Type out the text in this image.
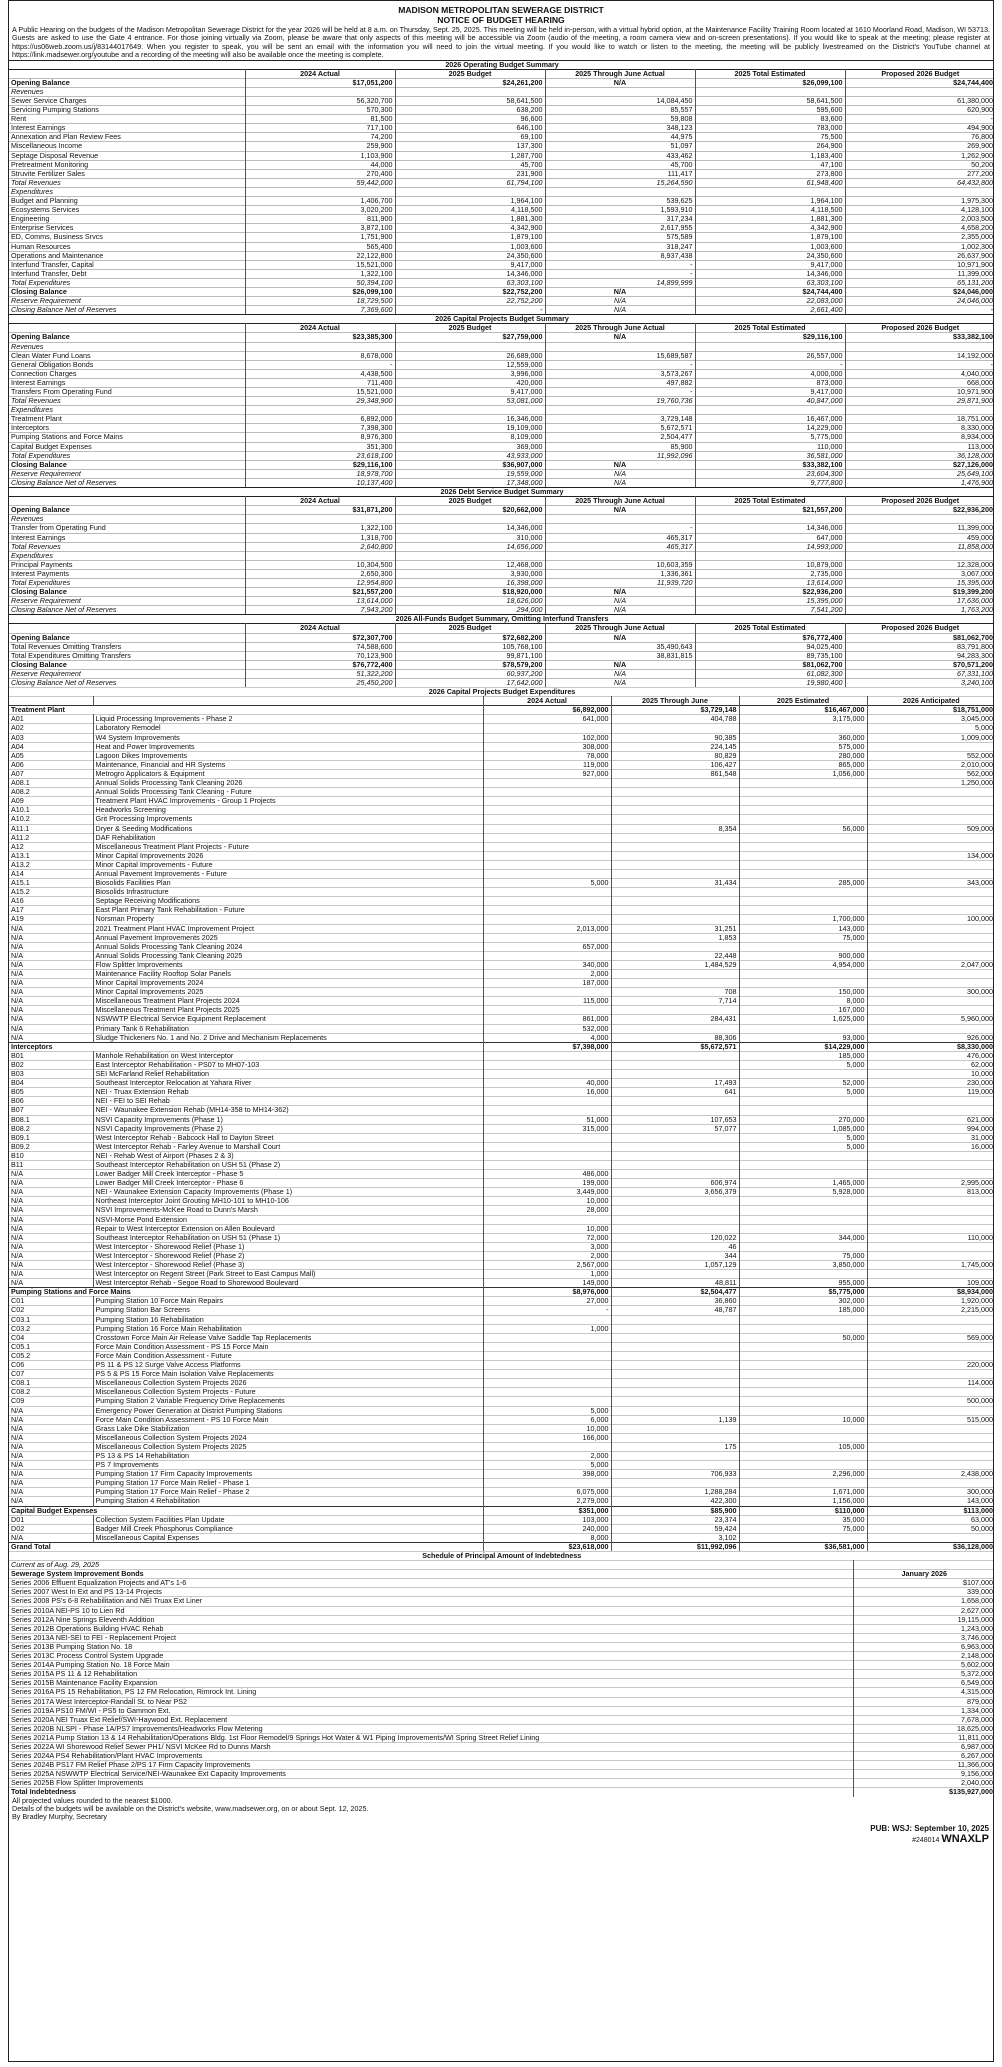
MADISON METROPOLITAN SEWERAGE DISTRICT
NOTICE OF BUDGET HEARING
A Public Hearing on the budgets of the Madison Metropolitan Sewerage District for the year 2026 will be held at 8 a.m. on Thursday, Sept. 25, 2025. This meeting will be held in-person, with a virtual hybrid option, at the Maintenance Facility Training Room located at 1610 Moorland Road, Madison, WI 53713. Guests are asked to use the Gate 4 entrance. For those joining virtually via Zoom, please be aware that only aspects of this meeting will be accessible via Zoom (audio of the meeting, a room camera view and on-screen presentations). If you would like to speak at the meeting; please register at https://us06web.zoom.us/j/83144017649. When you register to speak, you will be sent an email with the information you will need to join the virtual meeting. If you would like to watch or listen to the meeting, the meeting will be publicly livestreamed on the District's YouTube channel at https://link.madsewer.org/youtube and a recording of the meeting will also be available once the meeting is complete.
2026 Operating Budget Summary					
	2024 Actual	2025 Budget	2025 Through June Actual	2025 Total Estimated	Proposed 2026 Budget
Opening Balance	$17,051,200	$24,261,200	N/A	$26,099,100	$24,744,400
Revenues					
Sewer Service Charges	56,320,700	58,641,500	14,084,450	58,641,500	61,380,000
Servicing Pumping Stations	570,300	638,200	85,557	595,600	620,900
Rent	81,500	96,600	59,808	83,600	-
Interest Earnings	717,100	646,100	348,123	783,000	494,900
Annexation and Plan Review Fees	74,200	69,100	44,975	75,500	76,800
Miscellaneous Income	259,900	137,300	51,097	264,900	269,900
Septage Disposal Revenue	1,103,900	1,287,700	433,462	1,183,400	1,262,900
Pretreatment Monitoring	44,000	45,700	45,700	47,100	50,200
Struvite Fertilizer Sales	270,400	231,900	111,417	273,800	277,200
Total Revenues	59,442,000	61,794,100	15,264,590	61,948,400	64,432,800
Expenditures					
Budget and Planning	1,406,700	1,964,100	539,625	1,964,100	1,975,300
Ecosystems Services	3,020,200	4,118,500	1,593,910	4,118,500	4,128,100
Engineering	811,900	1,881,300	317,234	1,881,300	2,003,500
Enterprise Services	3,872,100	4,342,900	2,617,955	4,342,900	4,658,200
ED, Comms, Business Srvcs	1,751,900	1,879,100	575,589	1,879,100	2,355,000
Human Resources	565,400	1,003,600	318,247	1,003,600	1,002,300
Operations and Maintenance	22,122,800	24,350,600	8,937,438	24,350,600	26,637,900
Interfund Transfer, Capital	15,521,000	9,417,000	-	9,417,000	10,971,900
Interfund Transfer, Debt	1,322,100	14,346,000	-	14,346,000	11,399,000
Total Expenditures	50,394,100	63,303,100	14,899,999	63,303,100	65,131,200
Closing Balance	$26,099,100	$22,752,200	N/A	$24,744,400	$24,046,000
Reserve Requirement	18,729,500	22,752,200	N/A	22,083,000	24,046,000
Closing Balance Net of Reserves	7,369,600	-	N/A	2,661,400	-
2026 Capital Projects Budget Summary					
	2024 Actual	2025 Budget	2025 Through June Actual	2025 Total Estimated	Proposed 2026 Budget
Opening Balance	$23,385,300	$27,759,000	N/A	$29,116,100	$33,382,100
Revenues					
Clean Water Fund Loans	8,678,000	26,689,000	15,689,587	26,557,000	14,192,000
General Obligation Bonds	-	12,559,000	-	-	-
Connection Charges	4,438,500	3,996,000	3,573,267	4,000,000	4,040,000
Interest Earnings	711,400	420,000	497,882	873,000	668,000
Transfers From Operating Fund	15,521,000	9,417,000	-	9,417,000	10,971,900
Total Revenues	29,348,900	53,081,000	19,760,736	40,847,000	29,871,900
Expenditures					
Treatment Plant	6,892,000	16,346,000	3,729,148	16,467,000	18,751,000
Interceptors	7,398,300	19,109,000	5,672,571	14,229,000	8,330,000
Pumping Stations and Force Mains	8,976,300	8,109,000	2,504,477	5,775,000	8,934,000
Capital Budget Expenses	351,300	369,000	85,900	110,000	113,000
Total Expenditures	23,618,100	43,933,000	11,992,096	36,581,000	36,128,000
Closing Balance	$29,116,100	$36,907,000	N/A	$33,382,100	$27,126,000
Reserve Requirement	18,978,700	19,559,000	N/A	23,604,300	25,649,100
Closing Balance Net of Reserves	10,137,400	17,348,000	N/A	9,777,800	1,476,900
2026 Debt Service Budget Summary					
	2024 Actual	2025 Budget	2025 Through June Actual	2025 Total Estimated	Proposed 2026 Budget
Opening Balance	$31,871,200	$20,662,000	N/A	$21,557,200	$22,936,200
Revenues					
Transfer from Operating Fund	1,322,100	14,346,000	-	14,346,000	11,399,000
Interest Earnings	1,318,700	310,000	465,317	647,000	459,000
Total Revenues	2,640,800	14,656,000	465,317	14,993,000	11,858,000
Expenditures					
Principal Payments	10,304,500	12,468,000	10,603,359	10,879,000	12,328,000
Interest Payments	2,650,300	3,930,000	1,336,361	2,735,000	3,067,000
Total Expenditures	12,954,800	16,398,000	11,939,720	13,614,000	15,395,000
Closing Balance	$21,557,200	$18,920,000	N/A	$22,936,200	$19,399,200
Reserve Requirement	13,614,000	18,626,000	N/A	15,395,000	17,636,000
Closing Balance Net of Reserves	7,943,200	294,000	N/A	7,541,200	1,763,200
2026 All-Funds Budget Summary, Omitting Interfund Transfers					
	2024 Actual	2025 Budget	2025 Through June Actual	2025 Total Estimated	Proposed 2026 Budget
Opening Balance	$72,307,700	$72,682,200	N/A	$76,772,400	$81,062,700
Total Revenues Omitting Transfers	74,588,600	105,768,100	35,490,643	94,025,400	83,791,800
Total Expenditures Omitting Transfers	70,123,900	99,871,100	38,831,815	89,735,100	94,283,300
Closing Balance	$76,772,400	$78,579,200	N/A	$81,062,700	$70,571,200
Reserve Requirement	51,322,200	60,937,200	N/A	61,082,300	67,331,100
Closing Balance Net of Reserves	25,450,200	17,642,000	N/A	19,980,400	3,240,100
2026 Capital Projects Budget Expenditures					
		2024 Actual	2025 Through June	2025 Estimated	2026 Anticipated
Treatment Plant		$6,892,000	$3,729,148	$16,467,000	$18,751,000
A01	Liquid Processing Improvements - Phase 2	641,000	404,788	3,175,000	3,045,000
A02	Laboratory Remodel				5,000
A03	W4 System Improvements	102,000	90,385	360,000	1,009,000
A04	Heat and Power Improvements	308,000	224,145	575,000	
A05	Lagoon Dikes Improvements	78,000	80,829	280,000	552,000
A06	Maintenance, Financial and HR Systems	119,000	106,427	865,000	2,010,000
A07	Metrogro Applicators & Equipment	927,000	861,548	1,056,000	562,000
A08.1	Annual Solids Processing Tank Cleaning 2026				1,250,000
A08.2	Annual Solids Processing Tank Cleaning - Future				
A09	Treatment Plant HVAC Improvements - Group 1 Projects				
A10.1	Headworks Screening				
A10.2	Grit Processing Improvements				
A11.1	Dryer & Seeding Modifications		8,354	56,000	509,000
A11.2	DAF Rehabilitation				
A12	Miscellaneous Treatment Plant Projects - Future				
A13.1	Minor Capital Improvements 2026				134,000
A13.2	Minor Capital Improvements - Future				
A14	Annual Pavement Improvements - Future				
A15.1	Biosolids Facilities Plan	5,000	31,434	285,000	343,000
A15.2	Biosolids Infrastructure				
A16	Septage Receiving Modifications				
A17	East Plant Primary Tank Rehabilitation - Future				
A19	Norsman Property			1,700,000	100,000
N/A	2021 Treatment Plant HVAC Improvement Project	2,013,000	31,251	143,000	
N/A	Annual Pavement Improvements 2025		1,853	75,000	
N/A	Annual Solids Processing Tank Cleaning 2024	657,000			
N/A	Annual Solids Processing Tank Cleaning 2025		22,448	900,000	
N/A	Flow Splitter Improvements	340,000	1,484,529	4,954,000	2,047,000
N/A	Maintenance Facility Rooftop Solar Panels	2,000			
N/A	Minor Capital Improvements 2024	187,000			
N/A	Minor Capital Improvements 2025		708	150,000	300,000
N/A	Miscellaneous Treatment Plant Projects 2024	115,000	7,714	8,000	
N/A	Miscellaneous Treatment Plant Projects 2025			167,000	
N/A	NSWWTP Electrical Service Equipment Replacement	861,000	284,431	1,625,000	5,960,000
N/A	Primary Tank 6 Rehabilitation	532,000			
N/A	Sludge Thickeners No. 1 and No. 2 Drive and Mechanism Replacements	4,000	88,306	93,000	926,000
Interceptors		$7,398,000	$5,672,571	$14,229,000	$8,330,000
B01	Manhole Rehabilitation on West Interceptor			185,000	476,000
B02	East Interceptor Rehabilitation - PS07 to MH07-103			5,000	62,000
B03	SEI McFarland Relief Rehabilitation				10,000
B04	Southeast Interceptor Relocation at Yahara River	40,000	17,493	52,000	230,000
B05	NEI - Truax Extension Rehab	16,000	641	5,000	119,000
B06	NEI - FEI to SEI Rehab				
B07	NEI - Waunakee Extension Rehab (MH14-358 to MH14-362)				
B08.1	NSVI Capacity Improvements (Phase 1)	51,000	107,653	270,000	621,000
B08.2	NSVI Capacity Improvements (Phase 2)	315,000	57,077	1,085,000	994,000
B09.1	West Interceptor Rehab - Babcock Hall to Dayton Street			5,000	31,000
B09.2	West Interceptor Rehab - Farley Avenue to Marshall Court			5,000	16,000
B10	NEI - Rehab West of Airport (Phases 2 & 3)				
B11	Southeast Interceptor Rehabilitation on USH 51 (Phase 2)				
N/A	Lower Badger Mill Creek Interceptor - Phase 5	486,000			
N/A	Lower Badger Mill Creek Interceptor - Phase 6	199,000	606,974	1,465,000	2,995,000
N/A	NEI - Waunakee Extension Capacity Improvements (Phase 1)	3,449,000	3,656,379	5,928,000	813,000
N/A	Northeast Interceptor Joint Grouting MH10-101 to MH10-106	10,000			
N/A	NSVI Improvements-McKee Road to Dunn's Marsh	28,000			
N/A	NSVI-Morse Pond Extension				
N/A	Repair to West Interceptor Extension on Allen Boulevard	10,000			
N/A	Southeast Interceptor Rehabilitation on USH 51 (Phase 1)	72,000	120,022	344,000	110,000
N/A	West Interceptor - Shorewood Relief (Phase 1)	3,000	46		
N/A	West Interceptor - Shorewood Relief (Phase 2)	2,000	344	75,000	
N/A	West Interceptor - Shorewood Relief (Phase 3)	2,567,000	1,057,129	3,850,000	1,745,000
N/A	West Interceptor on Regent Street (Park Street to East Campus Mall)	1,000			
N/A	West Interceptor Rehab - Segoe Road to Shorewood Boulevard	149,000	48,811	955,000	109,000
Pumping Stations and Force Mains		$8,976,000	$2,504,477	$5,775,000	$8,934,000
C01	Pumping Station 10 Force Main Repairs	27,000	36,860	302,000	1,920,000
C02	Pumping Station Bar Screens	-	48,787	185,000	2,215,000
C03.1	Pumping Station 16 Rehabilitation				
C03.2	Pumping Station 16 Force Main Rehabilitation	1,000			
C04	Crosstown Force Main Air Release Valve Saddle Tap Replacements			50,000	569,000
C05.1	Force Main Condition Assessment - PS 15 Force Main				
C05.2	Force Main Condition Assessment - Future				
C06	PS 11 & PS 12 Surge Valve Access Platforms				220,000
C07	PS 5 & PS 15 Force Main Isolation Valve Replacements				
C08.1	Miscellaneous Collection System Projects 2026				114,000
C08.2	Miscellaneous Collection System Projects - Future				
C09	Pumping Station 2 Variable Frequency Drive Replacements				500,000
N/A	Emergency Power Generation at District Pumping Stations	5,000			
N/A	Force Main Condition Assessment - PS 10 Force Main	6,000	1,139	10,000	515,000
N/A	Grass Lake Dike Stabilization	10,000			
N/A	Miscellaneous Collection System Projects 2024	166,000			
N/A	Miscellaneous Collection System Projects 2025		175	105,000	
N/A	PS 13 & PS 14 Rehabilitation	2,000			
N/A	PS 7 Improvements	5,000			
N/A	Pumping Station 17 Firm Capacity Improvements	398,000	706,933	2,296,000	2,438,000
N/A	Pumping Station 17 Force Main Relief - Phase 1				
N/A	Pumping Station 17 Force Main Relief - Phase 2	6,075,000	1,288,284	1,671,000	300,000
N/A	Pumping Station 4 Rehabilitation	2,279,000	422,300	1,156,000	143,000
Capital Budget Expenses		$351,000	$85,900	$110,000	$113,000
D01	Collection System Facilities Plan Update	103,000	23,374	35,000	63,000
D02	Badger Mill Creek Phosphorus Compliance	240,000	59,424	75,000	50,000
N/A	Miscellaneous Capital Expenses	8,000	3,102		
Grand Total		$23,618,000	$11,992,096	$36,581,000	$36,128,000
Schedule of Principal Amount of Indebtedness	
Current as of Aug. 29, 2025	
Sewerage System Improvement Bonds	January 2026
Series 2006 Effluent Equalization Projects and AT's 1-6	$107,000
Series 2007 West In Ext and PS 13-14 Projects	339,000
Series 2008 PS's 6-8 Rehabilitation and NEI Truax Ext Liner	1,658,000
Series 2010A NEI-PS 10 to Lien Rd	2,627,000
Series 2012A Nine Springs Eleventh Addition	19,115,000
Series 2012B Operations Building HVAC Rehab	1,243,000
Series 2013A NEI-SEI to FEI - Replacement Project	3,746,000
Series 2013B Pumping Station No. 18	6,963,000
Series 2013C Process Control System Upgrade	2,148,000
Series 2014A Pumping Station No. 18 Force Main	5,602,000
Series 2015A PS 11 & 12 Rehabilitation	5,372,000
Series 2015B Maintenance Facility Expansion	6,549,000
Series 2016A PS 15 Rehabilitation, PS 12 FM Relocation, Rimrock Int. Lining	4,315,000
Series 2017A West Interceptor-Randall St. to Near PS2	879,000
Series 2019A PS10 FM/WI - PS5 to Gammon Ext.	1,334,000
Series 2020A NEI Truax Ext Relief/SWI-Haywood Ext. Replacement	7,678,000
Series 2020B NLSPI - Phase 1A/PS7 Improvements/Headworks Flow Metering	18,625,000
Series 2021A Pump Station 13 & 14 Rehabilitation/Operations Bldg. 1st Floor Remodel/9 Springs Hot Water & W1 Piping Improvements/WI Spring Street Relief Lining	11,811,000
Series 2022A WI Shorewood Relief Sewer PH1/ NSVI McKee Rd to Dunns Marsh	6,987,000
Series 2024A PS4 Rehabilitation/Plant HVAC Improvements	6,267,000
Series 2024B PS17 FM Relief Phase 2/PS 17 Firm Capacity Improvements	11,366,000
Series 2025A NSWWTP Electrical Service/NEI-Waunakee Ext Capacity Improvements	9,156,000
Series 2025B Flow Splitter Improvements	2,040,000
Total Indebtedness	$135,927,000
All projected values rounded to the nearest $1000.
Details of the budgets will be available on the District's website, www.madsewer.org, on or about Sept. 12, 2025.
By Bradley Murphy, Secretary
PUB: WSJ: September 10, 2025
#248014 WNAXLP
